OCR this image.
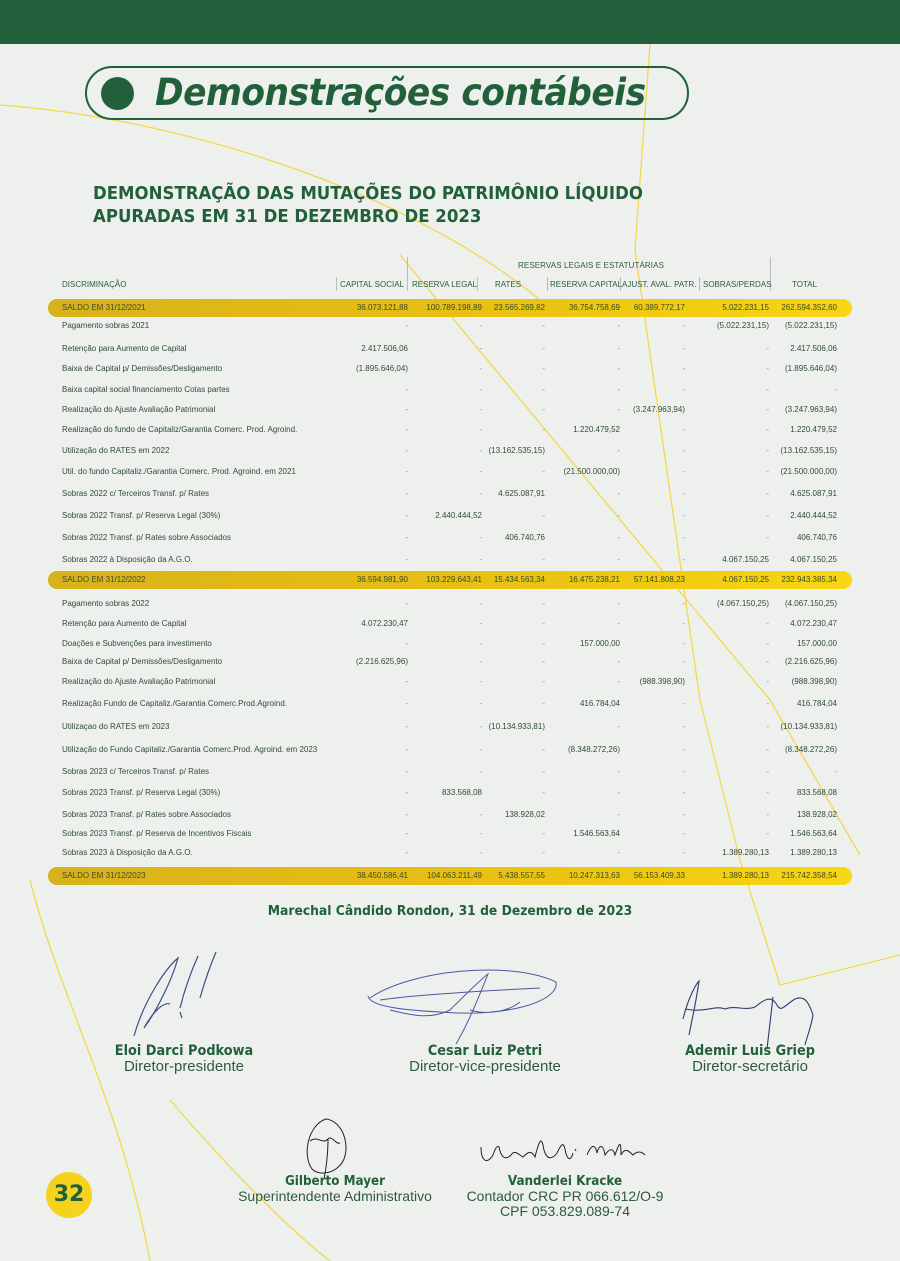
Demonstrações contábeis
DEMONSTRAÇÃO DAS MUTAÇÕES DO PATRIMÔNIO LÍQUIDO
APURADAS EM 31 DE DEZEMBRO DE 2023
RESERVAS LEGAIS E ESTATUTÁRIAS
DISCRIMINAÇÃO	CAPITAL SOCIAL RESERVA LEGAL RATES	RESERVA CAPITAL AJUST. AVAL. PATR. SOBRAS/PERDAS	TOTAL
SALDO EM 31/12/2021	36.073.121,88 100.789.198,89 23.565.269,82	36.754.758,69 60.389.772,17	5.022.231,15 262.594.352,60
Pagamento sobras 2021	-	-	-	-	-	(5.022.231,15) (5.022.231,15)
Retenção para Aumento de Capital	2.417.506,06	-	-	-	-	-	2.417.506,06
Baixa de Capital p/ Demissões/Desligamento	(1.895.646,04)	-	-	-	-	- (1.895.646,04)
Baixa capital social financiamento Cotas partes	-	-	-	-	-	-	-
Realização do Ajuste Avaliação Patrimonial	-	-	-	- (3.247.963,94)	- (3.247.963,94)
Realização do fundo de Capitaliz/Garantia Comerc. Prod. Agroind.	-	-	-	1.220.479,52	-	-	1.220.479,52
Utilização do RATES em 2022	-	- (13.162.535,15)	-	-	- (13.162.535,15)
Util. do fundo Capitaliz./Garantia Comerc. Prod. Agroind. em 2021	-	-	- (21.500.000,00)	-	- (21.500.000,00)
Sobras 2022 c/ Terceiros Transf. p/ Rates	-	- 4.625.087,91	-	-	-	4.625.087,91
Sobras 2022 Transf. p/ Reserva Legal (30%)	-	2.440.444,52	-	-	-	-	2.440.444,52
Sobras 2022 Transf. p/ Rates sobre Associados	-	-	406.740,76	-	-	-	406.740,76
Sobras 2022 à Disposição da A.G.O.	-	-	-	-	-	4.067.150,25	4.067.150,25
SALDO EM 31/12/2022	36.594.981,90 103.229.643,41 15.434.563,34	16.475.238,21 57.141.808,23	4.067.150,25 232.943.385,34
Pagamento sobras 2022	-	-	-	-	-	(4.067.150,25) (4.067.150,25)
Retenção para Aumento de Capital	4.072.230,47	-	-	-	-	-	4.072.230,47
Doações e Subvenções para investimento	-	-	-	157.000,00	-	-	157.000,00
Baixa de Capital p/ Demissões/Desligamento	(2.216.625,96)	-	-	-	-	- (2.216.625,96)
Realização do Ajuste Avaliação Patrimonial	-	-	-	- (988.398,90)	-	(988.398,90)
Realização Fundo de Capitaliz./Garantia Comerc.Prod.Agroind.	-	-	-	416.784,04	-	-	416.784,04
Utilizaçao do RATES em 2023	-	- (10.134.933,81)	-	-	- (10.134.933,81)
Utilização do Fundo Capitaliz./Garantia Comerc.Prod. Agroind. em 2023	-	-	-	(8.348.272,26)	-	- (8.348.272,26)
Sobras 2023 c/ Terceiros Transf. p/ Rates	-	-	-	-	-	-	-
Sobras 2023 Transf. p/ Reserva Legal (30%)	-	833.568,08	-	-	-	-	833.568,08
Sobras 2023 Transf. p/ Rates sobre Associados	-	-	138.928,02	-	-	-	138.928,02
Sobras 2023 Transf. p/ Reserva de Incentivos Fiscais	-	-	-	1.546.563,64	-	-	1.546.563,64
Sobras 2023 à Disposição da A.G.O.	-	-	-	-	-	1.389.280,13	1.389.280,13
SALDO EM 31/12/2023	38.450.586,41 104.063.211,49 5.438.557,55	10.247.313,63 56.153.409,33	1.389.280,13 215.742.358,54
Marechal Cândido Rondon, 31 de Dezembro de 2023
Eloi Darci Podkowa
Diretor-presidente
Cesar Luiz Petri
Diretor-vice-presidente
Ademir Luis Griep
Diretor-secretário
Gilberto Mayer
Superintendente Administrativo
Vanderlei Kracke
Contador CRC PR 066.612/O-9
CPF 053.829.089-74
32
